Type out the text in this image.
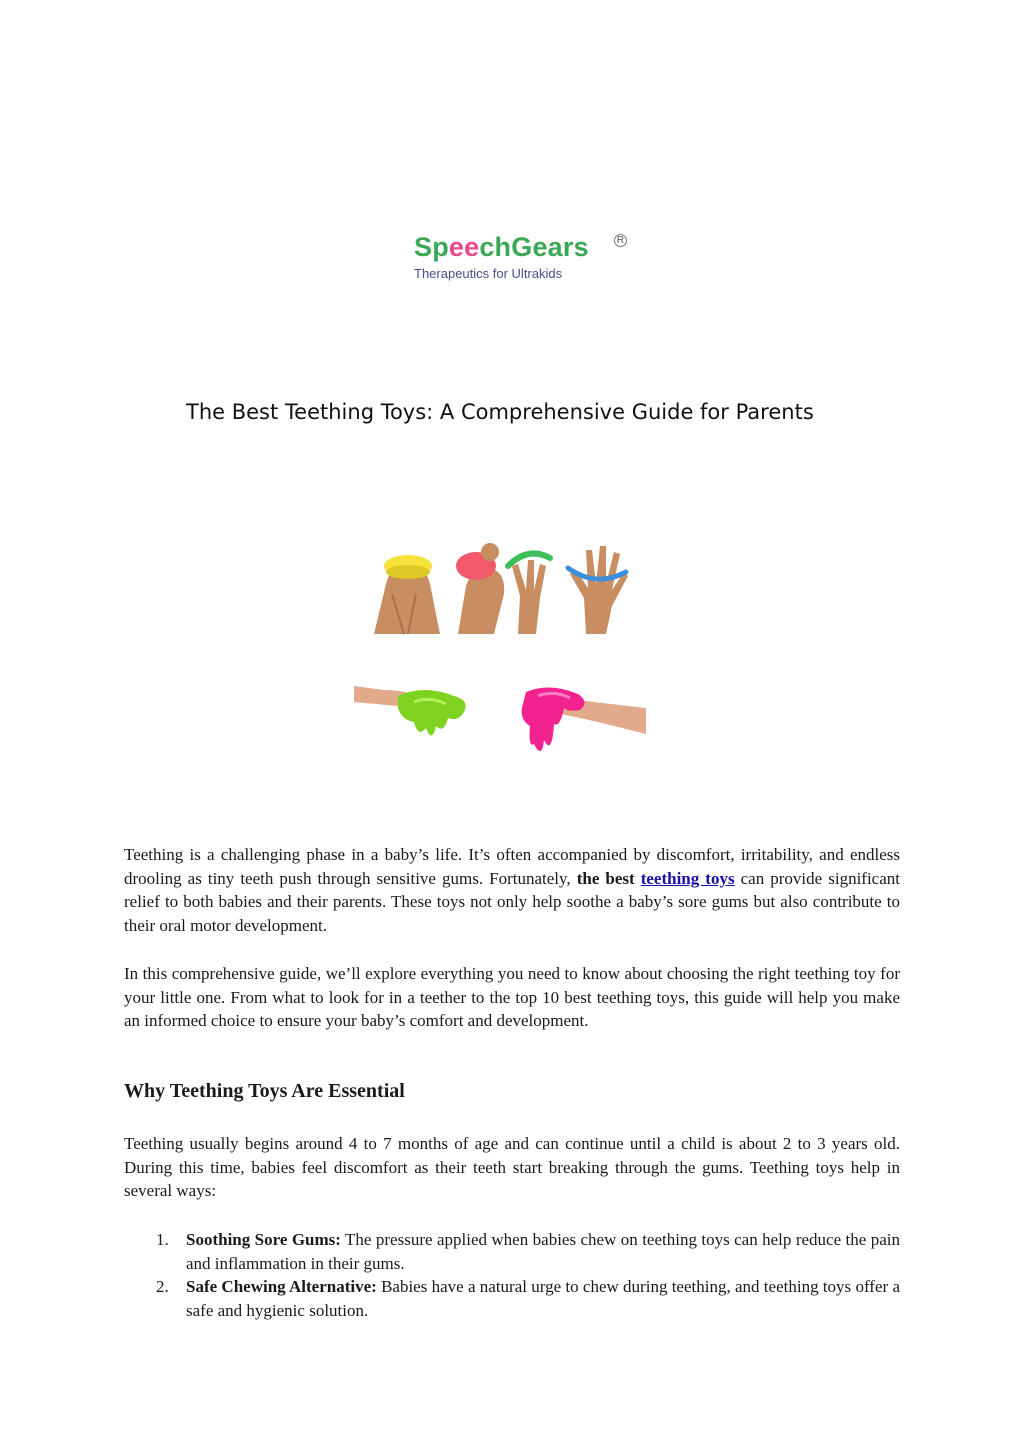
SpeechGears	R
Therapeutics for Ultrakids
The Best Teething Toys: A Comprehensive Guide for Parents

Teething is a challenging phase in a baby’s life. It’s often accompanied by discomfort, irritability, and endless drooling as tiny teeth push through sensitive gums. Fortunately, the best teething toys can provide significant relief to both babies and their parents. These toys not only help soothe a baby’s sore gums but also contribute to their oral motor development.

In this comprehensive guide, we’ll explore everything you need to know about choosing the right teething toy for your little one. From what to look for in a teether to the top 10 best teething toys, this guide will help you make an informed choice to ensure your baby’s comfort and development.

Why Teething Toys Are Essential

Teething usually begins around 4 to 7 months of age and can continue until a child is about 2 to 3 years old. During this time, babies feel discomfort as their teeth start breaking through the gums. Teething toys help in several ways:

1. Soothing Sore Gums: The pressure applied when babies chew on teething toys can help reduce the pain and inflammation in their gums.
2. Safe Chewing Alternative: Babies have a natural urge to chew during teething, and teething toys offer a safe and hygienic solution.
